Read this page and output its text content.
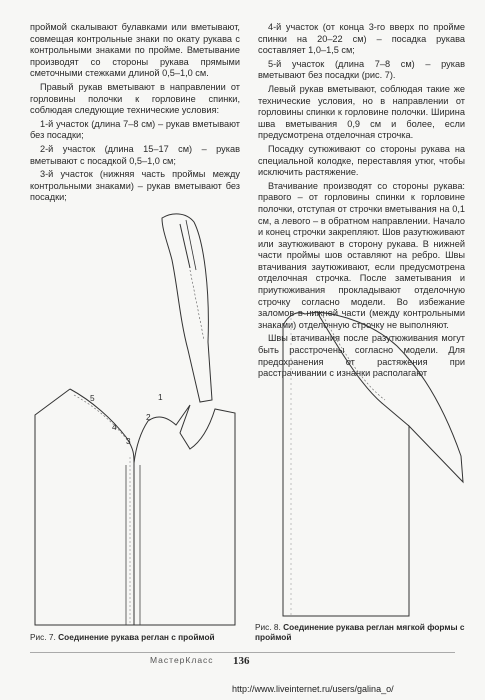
проймой скалывают булавками или вметывают, совмещая контрольные знаки по окату рукава с контрольными знаками по пройме. Вметывание производят со стороны рукава прямыми сметочными стежками длиной 0,5–1,0 см.

Правый рукав вметывают в направлении от горловины полочки к горловине спинки, соблюдая следующие технические условия:

1-й участок (длина 7–8 см) – рукав вметывают без посадки;

2-й участок (длина 15–17 см) – рукав вметывают с посадкой 0,5–1,0 см;

3-й участок (нижняя часть проймы между контрольными знаками) – рукав вметывают без посадки;

4-й участок (от конца 3-го вверх по пройме спинки на 20–22 см) – посадка рукава составляет 1,0–1,5 см;

5-й участок (длина 7–8 см) – рукав вметывают без посадки (рис. 7).

Левый рукав вметывают, соблюдая такие же технические условия, но в направлении от горловины спинки к горловине полочки. Ширина шва вметывания 0,9 см и более, если предусмотрена отделочная строчка.

Посадку сутюживают со стороны рукава на специальной колодке, переставляя утюг, чтобы исключить растяжение.

Втачивание производят со стороны рукава: правого – от горловины спинки к горловине полочки, отступая от строчки вметывания на 0,1 см, а левого – в обратном направлении. Начало и конец строчки закрепляют. Шов разутюживают или заутюживают в сторону рукава. В нижней части проймы шов оставляют на ребро. Швы втачивания заутюживают, если предусмотрена отделочная строчка. После заметывания и приутюживания прокладывают отделочную строчку согласно модели. Во избежание заломов в нижней части (между контрольными знаками) отделочную строчку не выполняют.

Швы втачивания после разутюживания могут быть расстрочены согласно модели. Для предохранения от растяжения при расстрачивании с изнанки располагают

1
2
3
4
5
Рис. 7. Соединение рукава реглан с проймой
Рис. 8. Соединение рукава реглан мягкой формы с проймой
МастерКласс 136
http://www.liveinternet.ru/users/galina_o/
